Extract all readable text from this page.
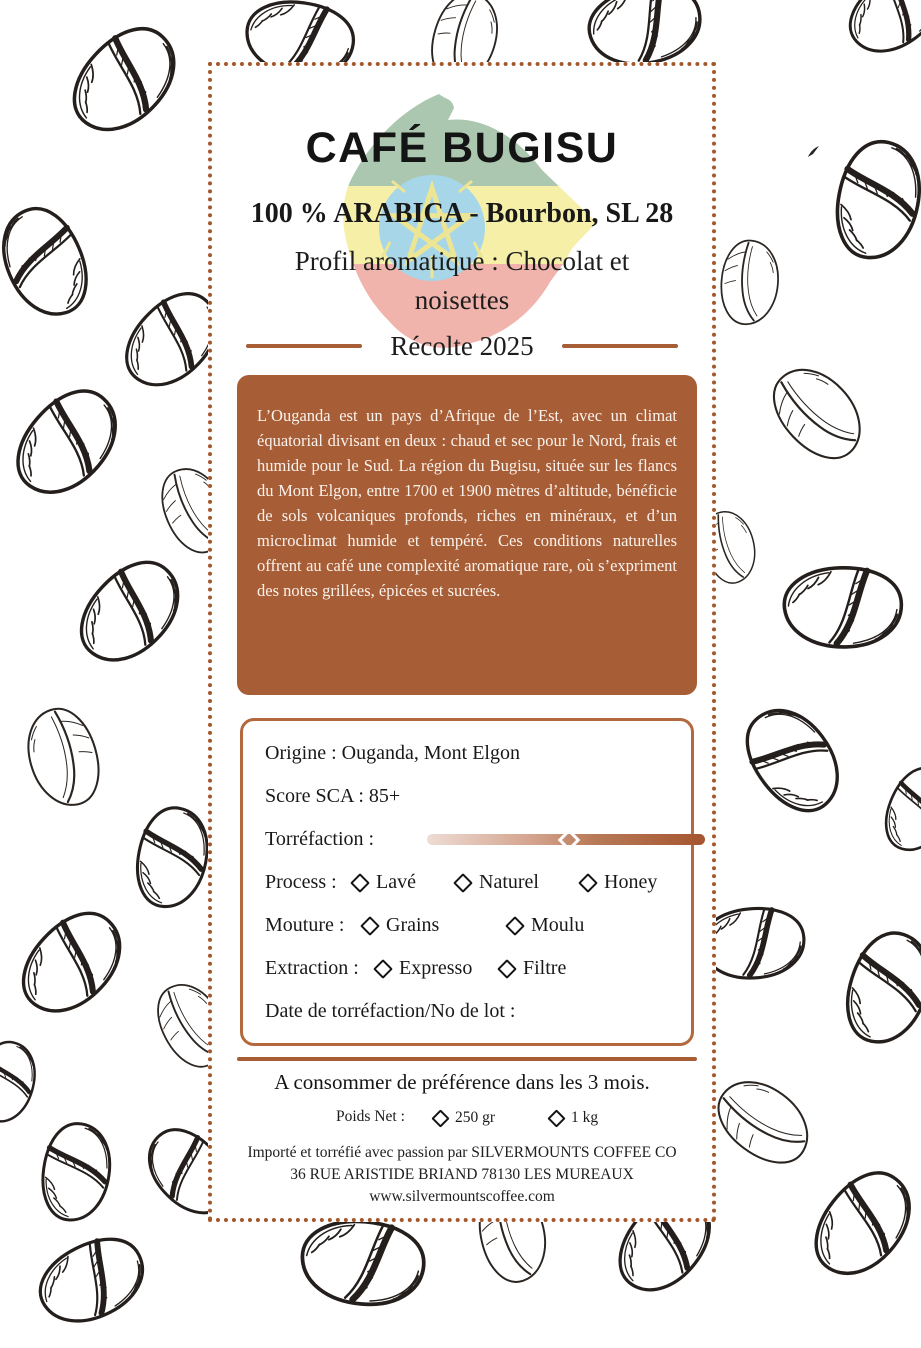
CAFÉ BUGISU
100 % ARABICA - Bourbon, SL 28
Profil aromatique : Chocolat et noisettes
Récolte 2025
L’Ouganda est un pays d’Afrique de l’Est, avec un climat équatorial divisant en deux : chaud et sec pour le Nord, frais et humide pour le Sud. La région du Bugisu, située sur les flancs du Mont Elgon, entre 1700 et 1900 mètres d’altitude, bénéficie de sols volcaniques profonds, riches en minéraux, et d’un microclimat humide et tempéré. Ces conditions naturelles offrent au café une complexité aromatique rare, où s’expriment des notes grillées, épicées et sucrées.
Origine : Ouganda, Mont Elgon
Score SCA : 85+
Torréfaction :
Process : Lavé	Naturel	Honey
Mouture : Grains	Moulu
Extraction : Expresso	Filtre
Date de torréfaction/No de lot :
A consommer de préférence dans les 3 mois.
Poids Net :	250 gr	1 kg
Importé et torréfié avec passion par SILVERMOUNTS COFFEE CO
36 RUE ARISTIDE BRIAND 78130 LES MUREAUX
www.silvermountscoffee.com
